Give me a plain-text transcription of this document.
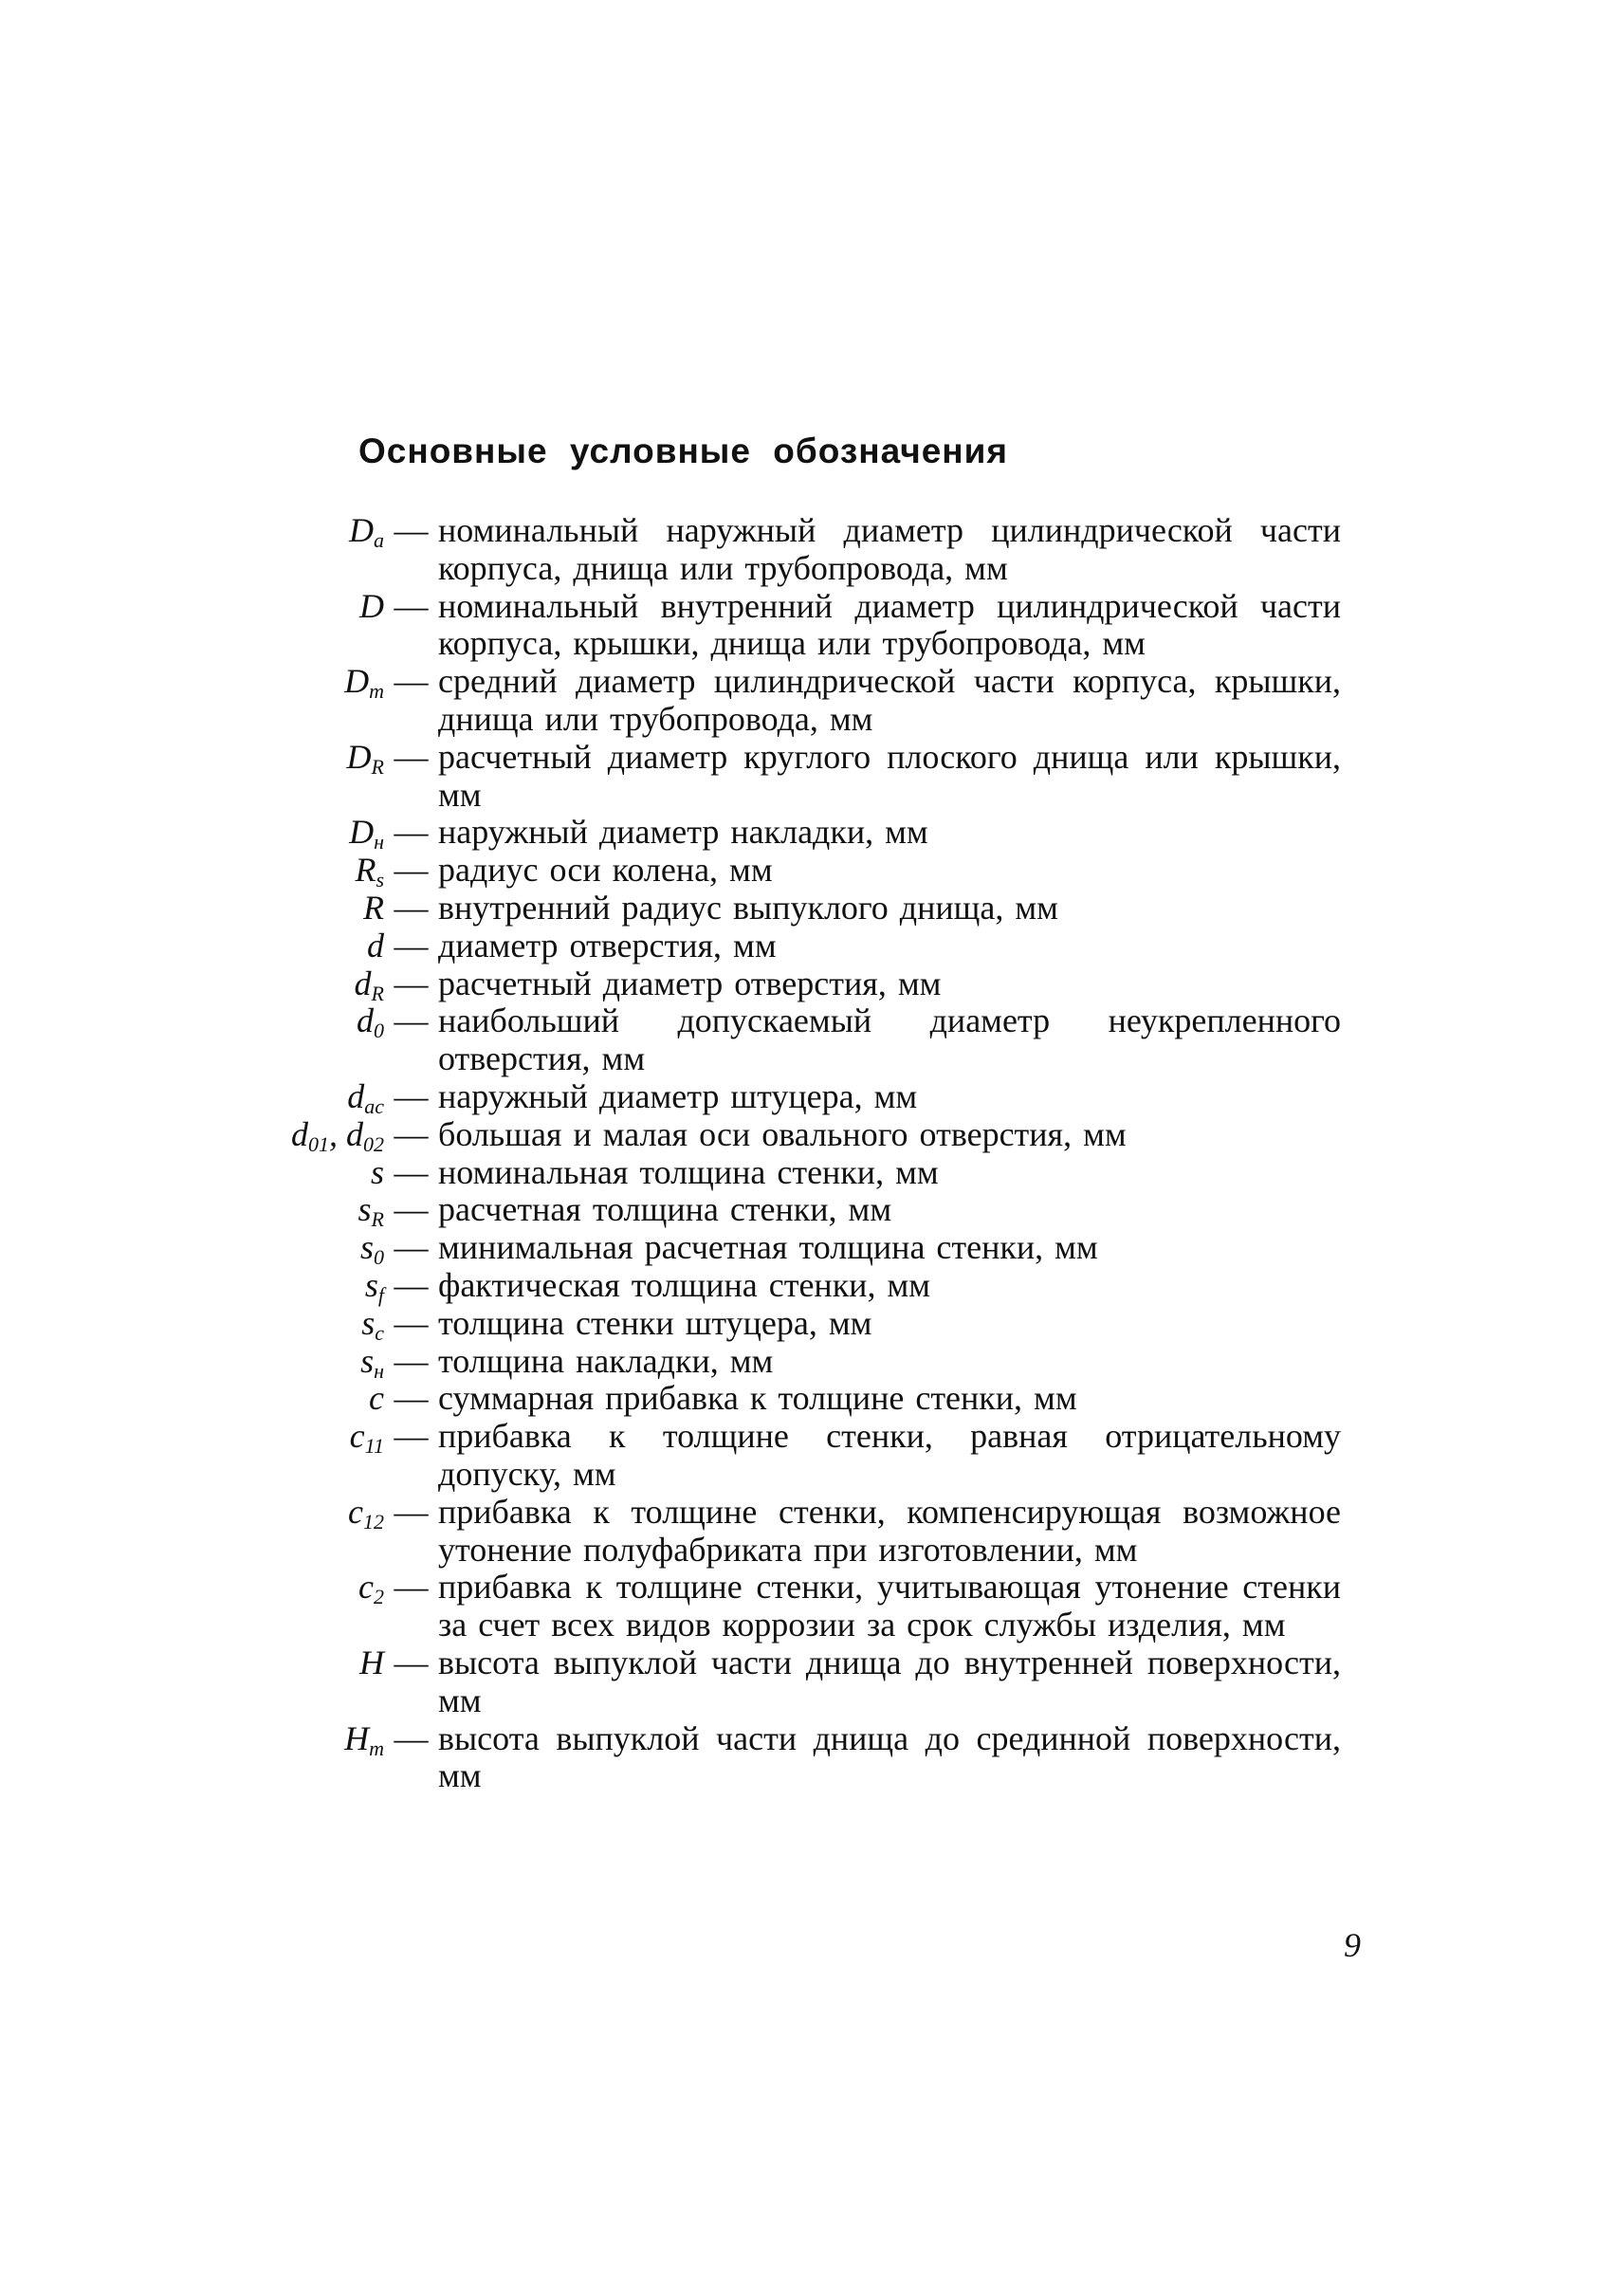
Основные условные обозначения
$D_a$ — номинальный наружный диаметр цилиндрической части корпуса, днища или трубопровода, мм
D — номинальный внутренний диаметр цилиндрической части корпуса, крышки, днища или трубопровода, мм
$D_m$ — средний диаметр цилиндрической части корпуса, крышки, днища или трубопровода, мм
$D_R$ — расчетный диаметр круглого плоского днища или крышки, мм
$D_н$ — наружный диаметр накладки, мм
$R_s$ — радиус оси колена, мм
R — внутренний радиус выпуклого днища, мм
d — диаметр отверстия, мм
$d_R$ — расчетный диаметр отверстия, мм
$d_0$ — наибольший допускаемый диаметр неукрепленного отверстия, мм
$d_{ас}$ — наружный диаметр штуцера, мм
$d_{01}$, $d_{02}$ — большая и малая оси овального отверстия, мм
s — номинальная толщина стенки, мм
$s_R$ — расчетная толщина стенки, мм
$s_0$ — минимальная расчетная толщина стенки, мм
$s_f$ — фактическая толщина стенки, мм
$s_c$ — толщина стенки штуцера, мм
$s_н$ — толщина накладки, мм
c — суммарная прибавка к толщине стенки, мм
$c_{11}$ — прибавка к толщине стенки, равная отрицательному допуску, мм
$c_{12}$ — прибавка к толщине стенки, компенсирующая возможное утонение полуфабриката при изготовлении, мм
$c_2$ — прибавка к толщине стенки, учитывающая утонение стенки за счет всех видов коррозии за срок службы изделия, мм
H — высота выпуклой части днища до внутренней поверхности, мм
$H_m$ — высота выпуклой части днища до срединной поверхности, мм
9
